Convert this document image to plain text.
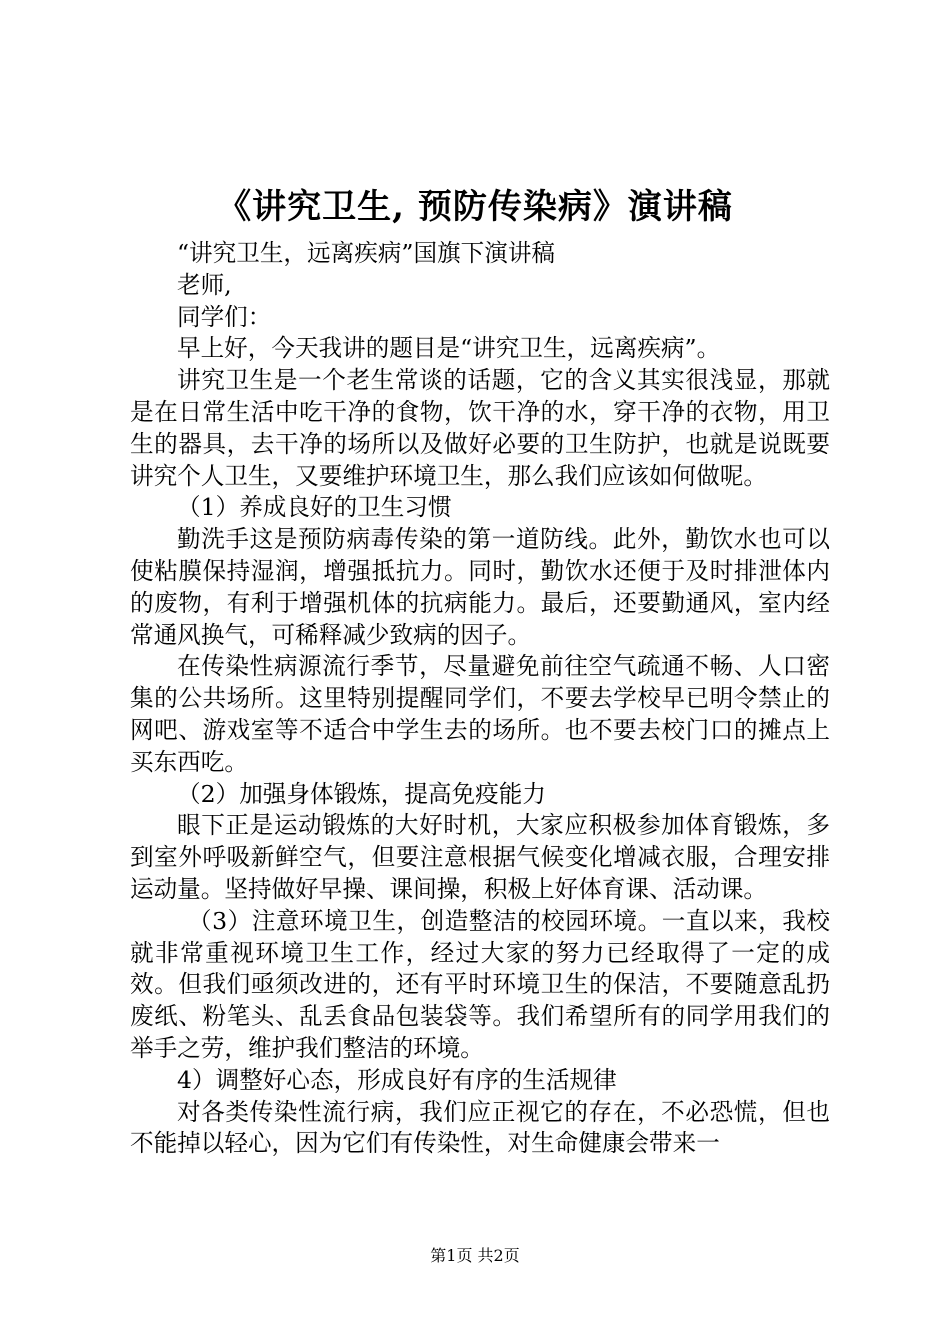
《讲究卫生, 预防传染病》演讲稿

“讲究卫生，远离疾病”国旗下演讲稿

老师,

同学们：

早上好，今天我讲的题目是“讲究卫生，远离疾病”。

讲究卫生是一个老生常谈的话题，它的含义其实很浅显，那就是在日常生活中吃干净的食物，饮干净的水，穿干净的衣物，用卫生的器具，去干净的场所以及做好必要的卫生防护，也就是说既要讲究个人卫生，又要维护环境卫生，那么我们应该如何做呢。

（1）养成良好的卫生习惯

勤洗手这是预防病毒传染的第一道防线。此外，勤饮水也可以使粘膜保持湿润，增强抵抗力。同时，勤饮水还便于及时排泄体内的废物，有利于增强机体的抗病能力。最后，还要勤通风，室内经常通风换气，可稀释减少致病的因子。

在传染性病源流行季节，尽量避免前往空气疏通不畅、人口密集的公共场所。这里特别提醒同学们，不要去学校早已明令禁止的网吧、游戏室等不适合中学生去的场所。也不要去校门口的摊点上买东西吃。

（2）加强身体锻炼，提高免疫能力

眼下正是运动锻炼的大好时机，大家应积极参加体育锻炼，多到室外呼吸新鲜空气，但要注意根据气候变化增减衣服，合理安排运动量。坚持做好早操、课间操，积极上好体育课、活动课。

（3）注意环境卫生，创造整洁的校园环境。一直以来，我校就非常重视环境卫生工作，经过大家的努力已经取得了一定的成效。但我们亟须改进的，还有平时环境卫生的保洁，不要随意乱扔废纸、粉笔头、乱丢食品包装袋等。我们希望所有的同学用我们的举手之劳，维护我们整洁的环境。

4）调整好心态，形成良好有序的生活规律

对各类传染性流行病，我们应正视它的存在，不必恐慌，但也不能掉以轻心，因为它们有传染性，对生命健康会带来一

第1页 共2页
